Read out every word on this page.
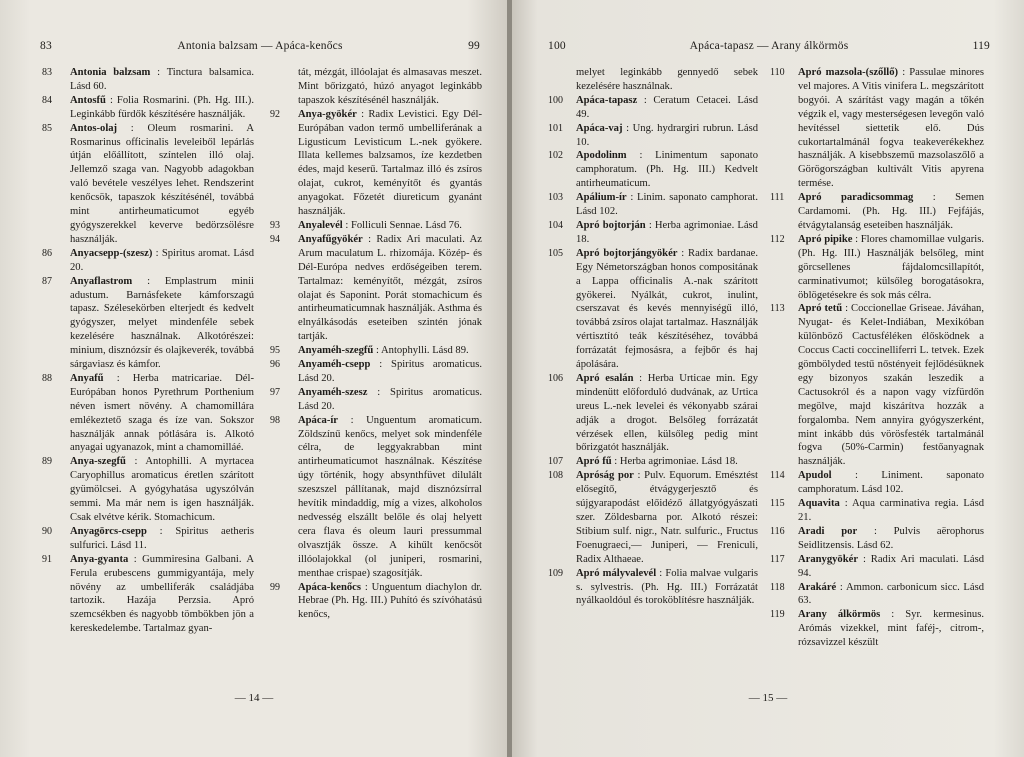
83	Antonia balzsam — Apáca-kenőcs	99

83	Antonia balzsam : Tinctura balsamica. Lásd 60.

84	Antosfű : Folia Rosmarini. (Ph. Hg. III.). Leginkább fürdők készítésére használják.

85	Antos-olaj : Oleum rosmarini. A Rosmarinus officinalis leveleiből lepárlás útján előállított, színtelen illó olaj. Jellemző szaga van. Nagyobb adagokban való bevétele veszélyes lehet. Rendszerint kenőcsök, tapaszok készítésénél, továbbá mint antirheumaticumot egyéb gyógyszerekkel keverve bedörzsölésre használják.

86	Anyacsepp-(szesz) : Spiritus aromat. Lásd 20.

87	Anyaflastrom : Emplastrum minii adustum. Barnásfekete kámforszagú tapasz. Szélesekörben elterjedt és kedvelt gyógyszer, melyet mindenféle sebek kezelésére használnak. Alkotórészei: minium, disznózsír és olajkeverék, továbbá sárgaviasz és kámfor.

88	Anyafű : Herba matricariae. Dél-Európában honos Pyrethrum Porthenium néven ismert növény. A chamomillára emlékeztető szaga és íze van. Sokszor használják annak pótlására is. Alkotó anyagai ugyanazok, mint a chamomilláé.

89	Anya-szegfű : Antophilli. A myrtacea Caryophillus aromaticus éretlen szárított gyümölcsei. A gyógyhatása ugyszólván semmi. Ma már nem is igen használják. Csak elvétve kérik. Stomachicum.

90	Anyagörcs-csepp : Spiritus aetheris sulfurici. Lásd 11.

91	Anya-gyanta : Gummiresina Galbani. A Ferula erubescens gummigyantája, mely növény az umbelliferák családjába tartozik. Hazája Perzsia. Apró szemcsékben és nagyobb tömbökben jön a kereskedelembe. Tartalmaz gyan-

tát, mézgát, illóolajat és almasavas meszet. Mint bőrizgató, húzó anyagot leginkább tapaszok készítésénél használják.

92	Anya-gyökér : Radix Levistici. Egy Dél-Európában vadon termő umbelliferának a Ligusticum Levisticum L.-nek gyökere. Illata kellemes balzsamos, íze kezdetben édes, majd keserű. Tartalmaz illó és zsíros olajat, cukrot, keményítőt és gyantás anyagokat. Főzetét diureticum gyanánt használják.

93	Anyalevél : Folliculi Sennae. Lásd 76.

94	Anyafűgyökér : Radix Ari maculati. Az Arum maculatum L. rhizomája. Közép- és Dél-Európa nedves erdőségeiben terem. Tartalmaz: keményítőt, mézgát, zsíros olajat és Saponint. Porát stomachicum és antirheumaticumnak használják. Asthma és elnyálkásodás eseteiben szintén jónak tartják.

95	Anyaméh-szegfű : Antophylli. Lásd 89.

96	Anyaméh-csepp : Spiritus aromaticus. Lásd 20.

97	Anyaméh-szesz : Spiritus aromaticus. Lásd 20.

98	Apáca-ír : Unguentum aromaticum. Zöldszínű kenőcs, melyet sok mindenféle célra, de leggyakrabban mint antirheumaticumot használnak. Készítése úgy történik, hogy absynthfüvet dilulált szeszszel pállítanak, majd disznózsírral hevítik mindaddig, míg a vizes, alkoholos nedvesség elszállt belőle és olaj helyett cera flava és oleum lauri pressummal olvasztják össze. A kihűlt kenőcsöt illóolajokkal (ol juniperi, rosmarini, menthae crispae) szagosítják.

99	Apáca-kenőcs : Unguentum diachylon dr. Hebrae (Ph. Hg. III.) Puhító és szívóhatású kenőcs,

— 14 —
100	Apáca-tapasz — Arany álkörmös	119

melyet leginkább gennyedő sebek kezelésére használnak.

100	Apáca-tapasz : Ceratum Cetacei. Lásd 49.

101	Apáca-vaj : Ung. hydrargiri rubrun. Lásd 10.

102	Apodolinm : Linimentum saponato camphoratum. (Ph. Hg. III.) Kedvelt antirheumaticum.

103	Apálium-ír : Linim. saponato camphorat. Lásd 102.

104	Apró bojtorján : Herba agrimoniae. Lásd 18.

105	Apró bojtorjángyökér : Radix bardanae. Egy Németországban honos compositának a Lappa officinalis A.-nak szárított gyökerei. Nyálkát, cukrot, inulint, cserszavat és kevés mennyiségű illó, továbbá zsíros olajat tartalmaz. Használják vértisztító teák készítéséhez, továbbá forrázatát fejmosásra, a fejbőr és haj ápolására.

106	Apró esalán : Herba Urticae min. Egy mindenütt előforduló dudvának, az Urtica ureus L.-nek levelei és vékonyabb szárai adják a drogot. Belsőleg forrázatát vérzések ellen, külsőleg pedig mint bőrizgatót használják.

107	Apró fű : Herba agrimoniae. Lásd 18.

108	Apróság por : Pulv. Equorum. Emésztést elősegítő, étvágygerjesztő és sújgyarapodást előidéző állatgyógyászati szer. Zöldesbarna por. Alkotó részei: Stibium sulf. nigr., Natr. sulfuric., Fructus Foenugraeci,— Juniperi, — Freniculi, Radix Althaeae.

109	Apró mályvalevél : Folia malvae vulgaris s. sylvestris. (Ph. Hg. III.) Forrázatát nyálkaoldóul és toroköblítésre használják.

110	Apró mazsola-(szőllő) : Passulae minores vel majores. A Vitis vinifera L. megszárított bogyói. A szárítást vagy magán a tőkén végzik el, vagy mesterségesen levegőn való hevítéssel siettetik elő. Dús cukortartalmánál fogva teakeverékekhez használják. A kisebbszemű mazsolaszőlő a Görögországban kultivált Vitis apyrena termése.

111	Apró paradicsommag : Semen Cardamomi. (Ph. Hg. III.) Fejfájás, étvágytalanság eseteiben használják.

112	Apró pipike : Flores chamomillae vulgaris. (Ph. Hg. III.) Használják belsőleg, mint görcsellenes fájdalomcsillapítót, carminativumot; külsőleg borogatásokra, öblögetésekre és sok más célra.

113	Apró tetű : Coccionellae Griseae. Jáváhan, Nyugat- és Kelet-Indiában, Mexikóban különböző Cactusféléken élősködnek a Coccus Cacti coccinelliferri L. tetvek. Ezek gömbölyded testű nőstényeit fejlődésüknek egy bizonyos szakán leszedik a Cactusokról és a napon vagy vízfürdőn megölve, majd kiszárítva hozzák a forgalomba. Nem annyira gyógyszerként, mint inkább dús vörösfesték tartalmánál fogva (50%-Carmin) festőanyagnak használják.

114	Apudol : Liniment. saponato camphoratum. Lásd 102.

115	Aquavita : Aqua carminativa regia. Lásd 21.

116	Aradi por : Pulvis aërophorus Seidlitzensis. Lásd 62.

117	Aranygyökér : Radix Ari maculati. Lásd 94.

118	Arakáré : Ammon. carbonicum sicc. Lásd 63.

119	Arany álkörmös : Syr. kermesinus. Arómás vizekkel, mint faféj-, citrom-, rózsavizzel készült

— 15 —
